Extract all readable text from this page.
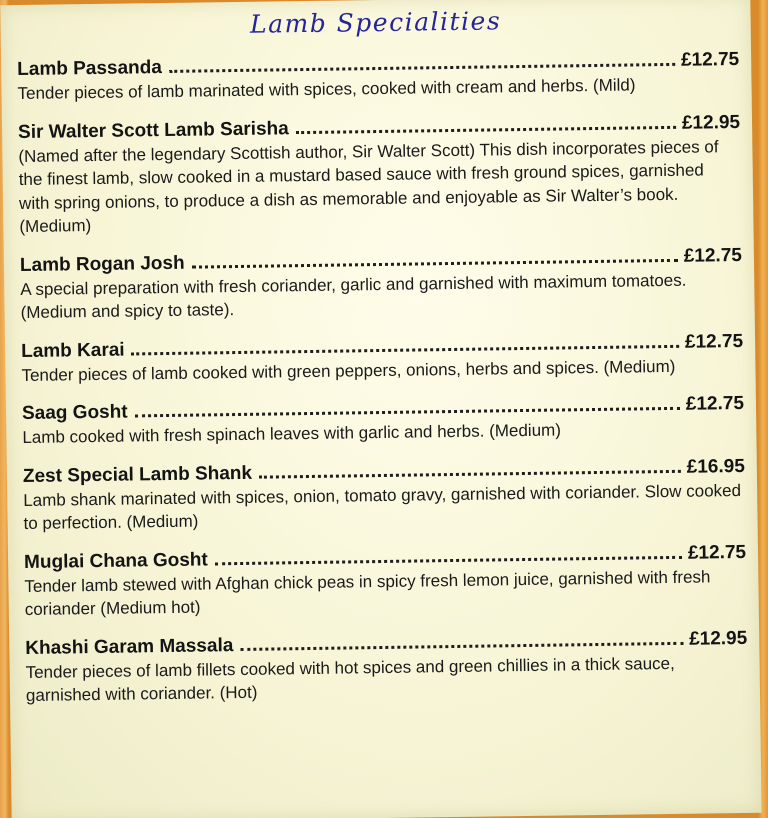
Lamb Specialities
Lamb Passanda	£12.75
Tender pieces of lamb marinated with spices, cooked with cream and herbs. (Mild)
Sir Walter Scott Lamb Sarisha	£12.95
(Named after the legendary Scottish author, Sir Walter Scott) This dish incorporates pieces of the finest lamb, slow cooked in a mustard based sauce with fresh ground spices, garnished with spring onions, to produce a dish as memorable and enjoyable as Sir Walter’s book. (Medium)
Lamb Rogan Josh	£12.75
A special preparation with fresh coriander, garlic and garnished with maximum tomatoes. (Medium and spicy to taste).
Lamb Karai	£12.75
Tender pieces of lamb cooked with green peppers, onions, herbs and spices. (Medium)
Saag Gosht	£12.75
Lamb cooked with fresh spinach leaves with garlic and herbs. (Medium)
Zest Special Lamb Shank	£16.95
Lamb shank marinated with spices, onion, tomato gravy, garnished with coriander. Slow cooked to perfection. (Medium)
Muglai Chana Gosht	£12.75
Tender lamb stewed with Afghan chick peas in spicy fresh lemon juice, garnished with fresh coriander (Medium hot)
Khashi Garam Massala	£12.95
Tender pieces of lamb fillets cooked with hot spices and green chillies in a thick sauce, garnished with coriander. (Hot)
